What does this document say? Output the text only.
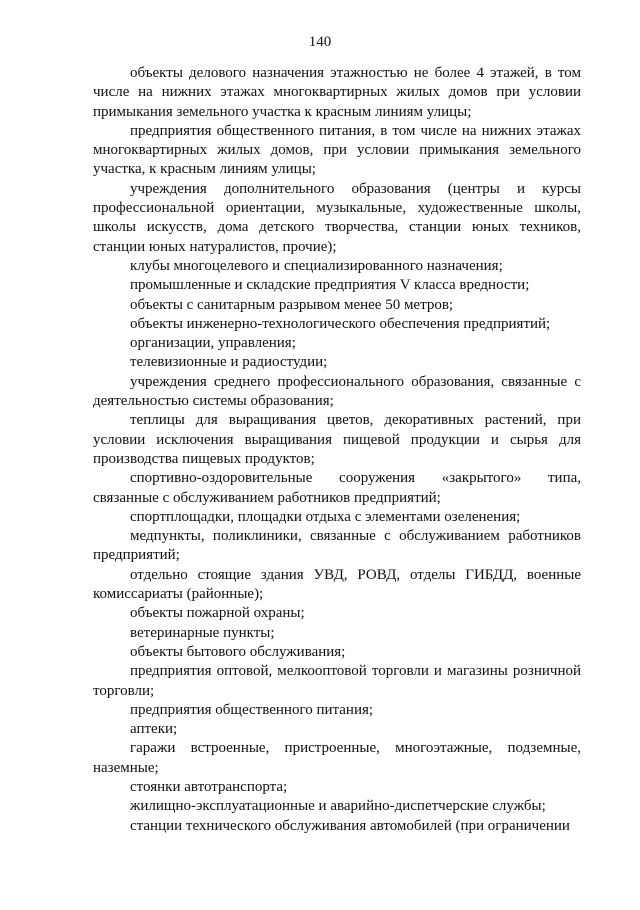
140

объекты делового назначения этажностью не более 4 этажей, в том числе на нижних этажах многоквартирных жилых домов при условии примыкания земельного участка к красным линиям улицы;

предприятия общественного питания, в том числе на нижних этажах многоквартирных жилых домов, при условии примыкания земельного участка, к красным линиям улицы;

учреждения дополнительного образования (центры и курсы профессиональной ориентации, музыкальные, художественные школы, школы искусств, дома детского творчества, станции юных техников, станции юных натуралистов, прочие);

клубы многоцелевого и специализированного назначения;

промышленные и складские предприятия V класса вредности;

объекты с санитарным разрывом менее 50 метров;

объекты инженерно-технологического обеспечения предприятий;

организации, управления;

телевизионные и радиостудии;

учреждения среднего профессионального образования, связанные с деятельностью системы образования;

теплицы для выращивания цветов, декоративных растений, при условии исключения выращивания пищевой продукции и сырья для производства пищевых продуктов;

спортивно-оздоровительные сооружения «закрытого» типа, связанные с обслуживанием работников предприятий;

спортплощадки, площадки отдыха с элементами озеленения;

медпункты, поликлиники, связанные с обслуживанием работников предприятий;

отдельно стоящие здания УВД, РОВД, отделы ГИБДД, военные комиссариаты (районные);

объекты пожарной охраны;

ветеринарные пункты;

объекты бытового обслуживания;

предприятия оптовой, мелкооптовой торговли и магазины розничной торговли;

предприятия общественного питания;

аптеки;

гаражи встроенные, пристроенные, многоэтажные, подземные, наземные;

стоянки автотранспорта;

жилищно-эксплуатационные и аварийно-диспетчерские службы;

станции технического обслуживания автомобилей (при ограничении
